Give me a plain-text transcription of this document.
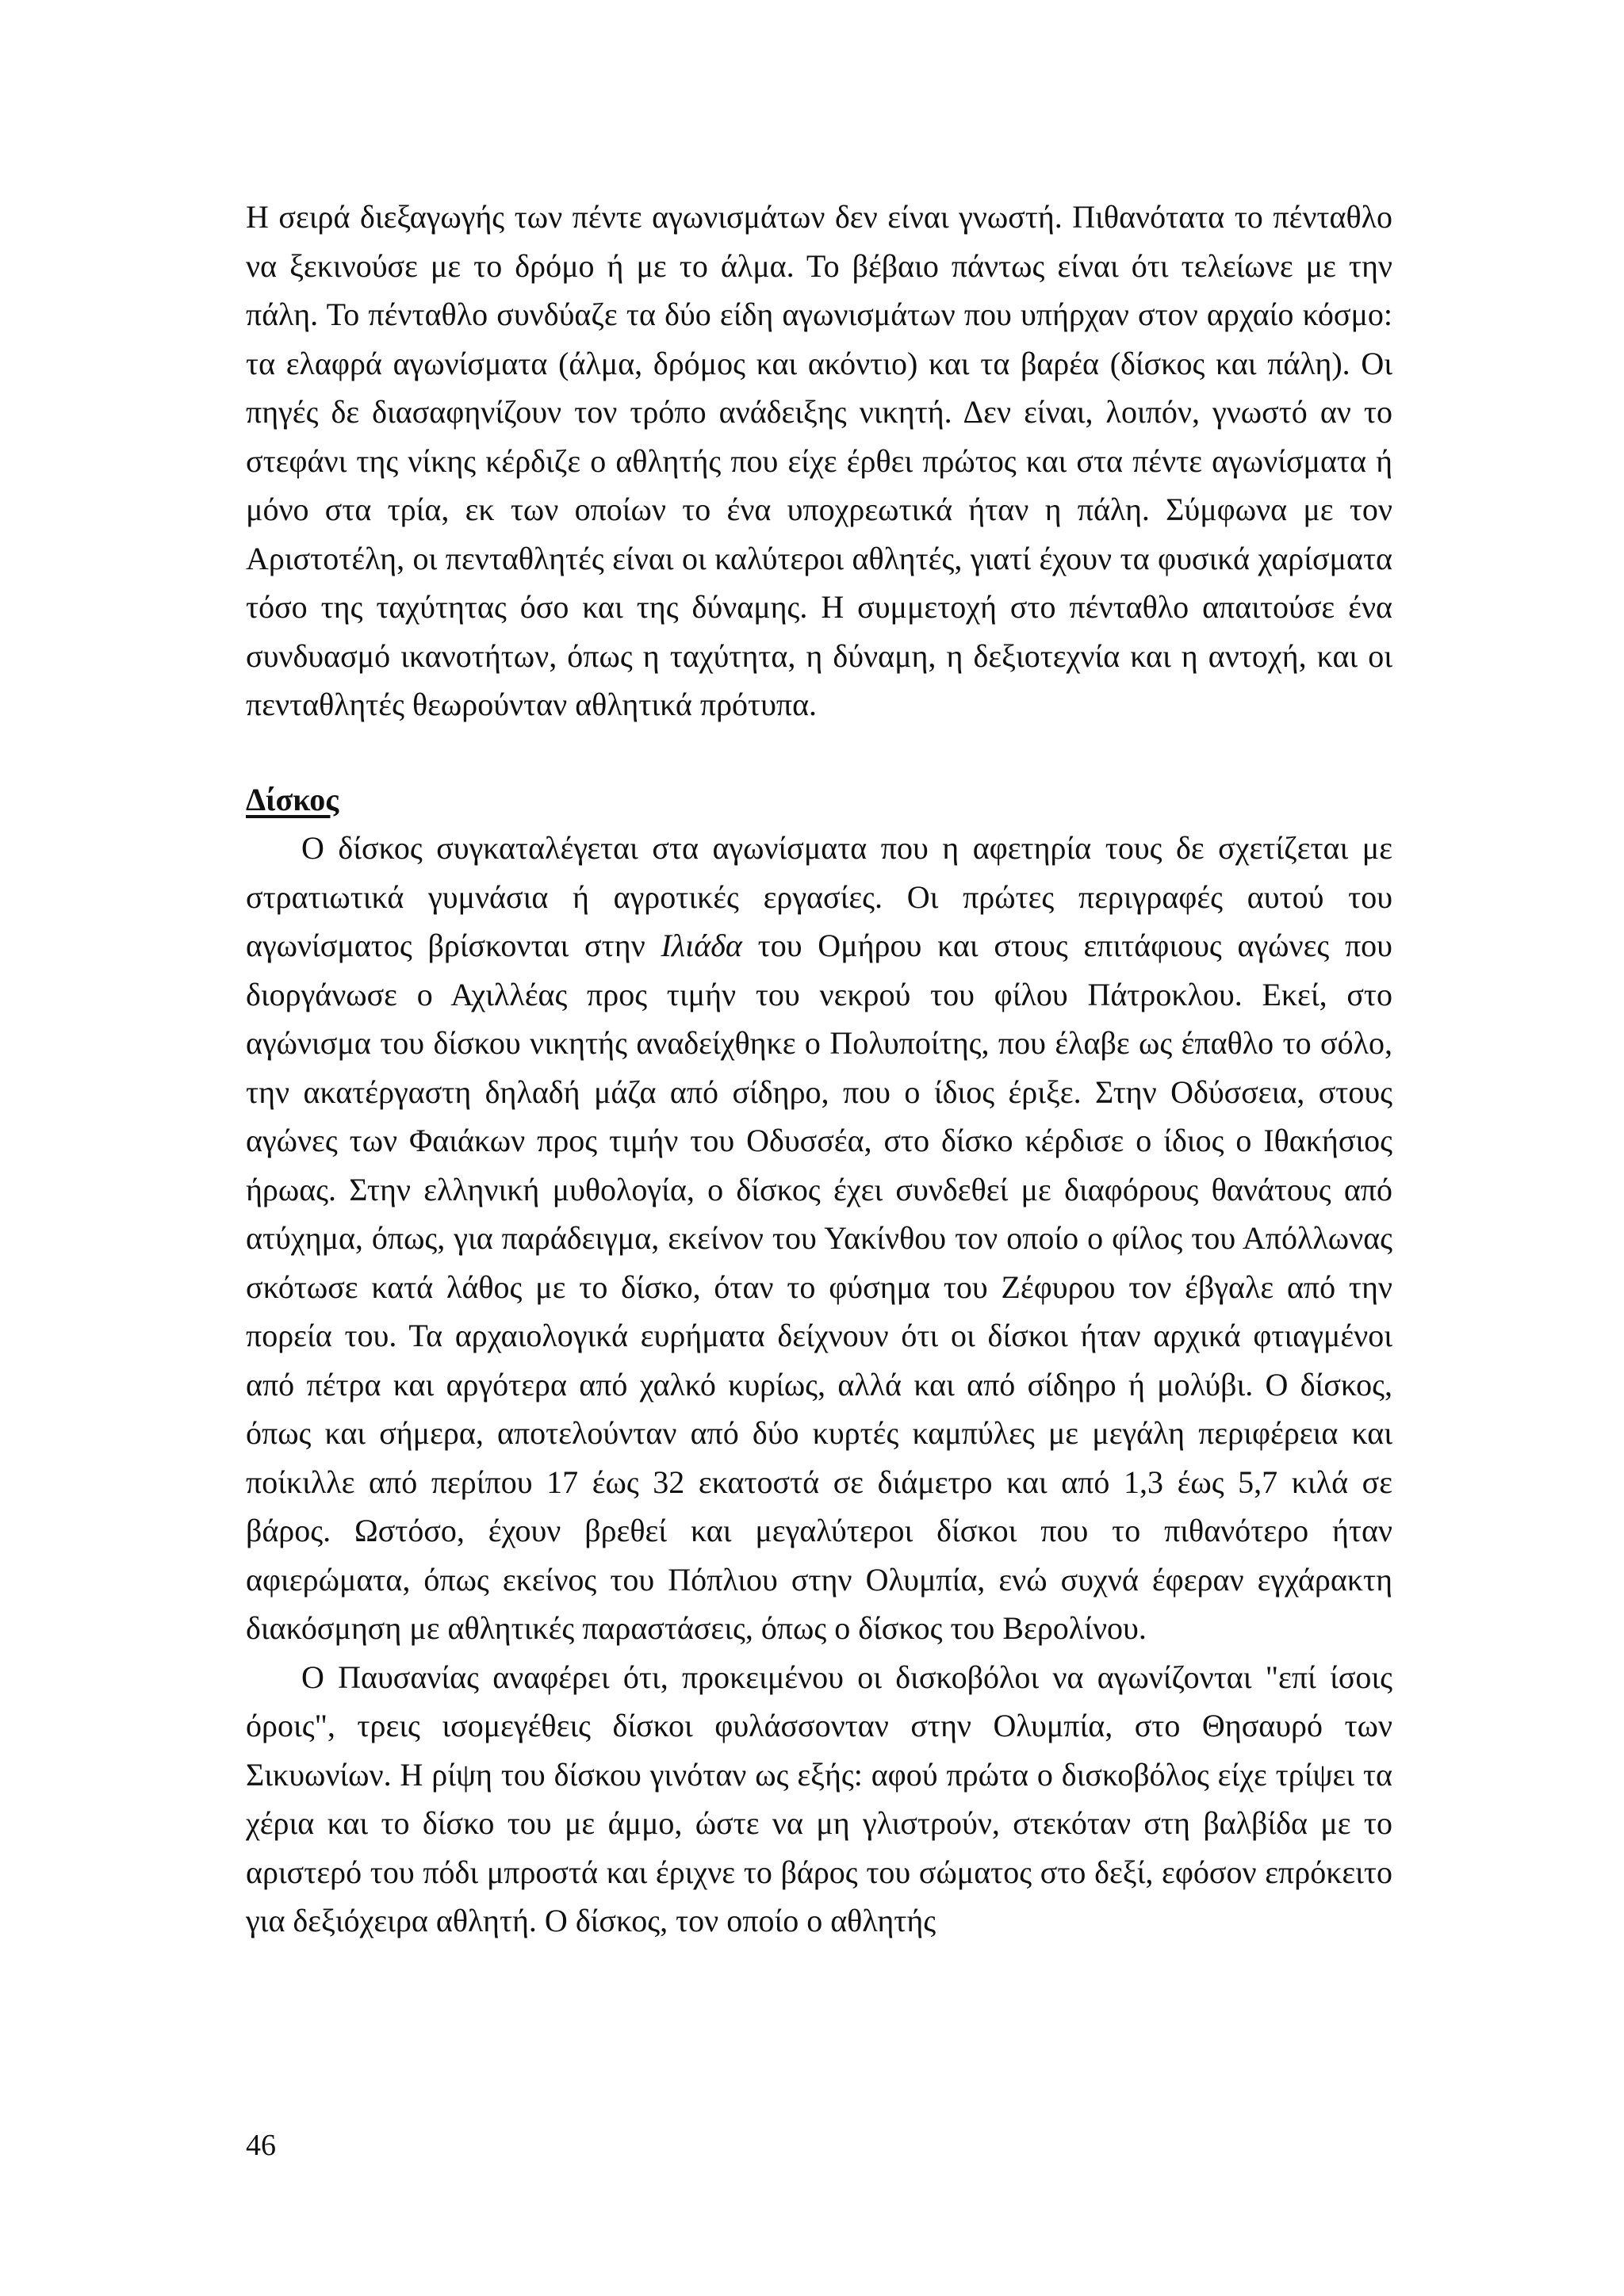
Η σειρά διεξαγωγής των πέντε αγωνισμάτων δεν είναι γνωστή. Πιθανότατα το πένταθλο να ξεκινούσε με το δρόμο ή με το άλμα. Το βέβαιο πάντως είναι ότι τελείωνε με την πάλη. Το πένταθλο συνδύαζε τα δύο είδη αγωνισμάτων που υπήρχαν στον αρχαίο κόσμο: τα ελαφρά αγωνίσματα (άλμα, δρόμος και ακόντιο) και τα βαρέα (δίσκος και πάλη). Οι πηγές δε διασαφηνίζουν τον τρόπο ανάδειξης νικητή. Δεν είναι, λοιπόν, γνωστό αν το στεφάνι της νίκης κέρδιζε ο αθλητής που είχε έρθει πρώτος και στα πέντε αγωνίσματα ή μόνο στα τρία, εκ των οποίων το ένα υποχρεωτικά ήταν η πάλη. Σύμφωνα με τον Αριστοτέλη, οι πενταθλητές είναι οι καλύτεροι αθλητές, γιατί έχουν τα φυσικά χαρίσματα τόσο της ταχύτητας όσο και της δύναμης. Η συμμετοχή στο πένταθλο απαιτούσε ένα συνδυασμό ικανοτήτων, όπως η ταχύτητα, η δύναμη, η δεξιοτεχνία και η αντοχή, και οι πενταθλητές θεωρούνταν αθλητικά πρότυπα.

Δίσκος

Ο δίσκος συγκαταλέγεται στα αγωνίσματα που η αφετηρία τους δε σχετίζεται με στρατιωτικά γυμνάσια ή αγροτικές εργασίες. Οι πρώτες περιγραφές αυτού του αγωνίσματος βρίσκονται στην Ιλιάδα του Ομήρου και στους επιτάφιους αγώνες που διοργάνωσε ο Αχιλλέας προς τιμήν του νεκρού του φίλου Πάτροκλου. Εκεί, στο αγώνισμα του δίσκου νικητής αναδείχθηκε ο Πολυποίτης, που έλαβε ως έπαθλο το σόλο, την ακατέργαστη δηλαδή μάζα από σίδηρο, που ο ίδιος έριξε. Στην Οδύσσεια, στους αγώνες των Φαιάκων προς τιμήν του Οδυσσέα, στο δίσκο κέρδισε ο ίδιος ο Ιθακήσιος ήρωας. Στην ελληνική μυθολογία, ο δίσκος έχει συνδεθεί με διαφόρους θανάτους από ατύχημα, όπως, για παράδειγμα, εκείνον του Υακίνθου τον οποίο ο φίλος του Απόλλωνας σκότωσε κατά λάθος με το δίσκο, όταν το φύσημα του Ζέφυρου τον έβγαλε από την πορεία του. Τα αρχαιολογικά ευρήματα δείχνουν ότι οι δίσκοι ήταν αρχικά φτιαγμένοι από πέτρα και αργότερα από χαλκό κυρίως, αλλά και από σίδηρο ή μολύβι. Ο δίσκος, όπως και σήμερα, αποτελούνταν από δύο κυρτές καμπύλες με μεγάλη περιφέρεια και ποίκιλλε από περίπου 17 έως 32 εκατοστά σε διάμετρο και από 1,3 έως 5,7 κιλά σε βάρος. Ωστόσο, έχουν βρεθεί και μεγαλύτεροι δίσκοι που το πιθανότερο ήταν αφιερώματα, όπως εκείνος του Πόπλιου στην Ολυμπία, ενώ συχνά έφεραν εγχάρακτη διακόσμηση με αθλητικές παραστάσεις, όπως ο δίσκος του Βερολίνου.

Ο Παυσανίας αναφέρει ότι, προκειμένου οι δισκοβόλοι να αγωνίζονται "επί ίσοις όροις", τρεις ισομεγέθεις δίσκοι φυλάσσονταν στην Ολυμπία, στο Θησαυρό των Σικυωνίων. Η ρίψη του δίσκου γινόταν ως εξής: αφού πρώτα ο δισκοβόλος είχε τρίψει τα χέρια και το δίσκο του με άμμο, ώστε να μη γλιστρούν, στεκόταν στη βαλβίδα με το αριστερό του πόδι μπροστά και έριχνε το βάρος του σώματος στο δεξί, εφόσον επρόκειτο για δεξιόχειρα αθλητή. Ο δίσκος, τον οποίο ο αθλητής

46
